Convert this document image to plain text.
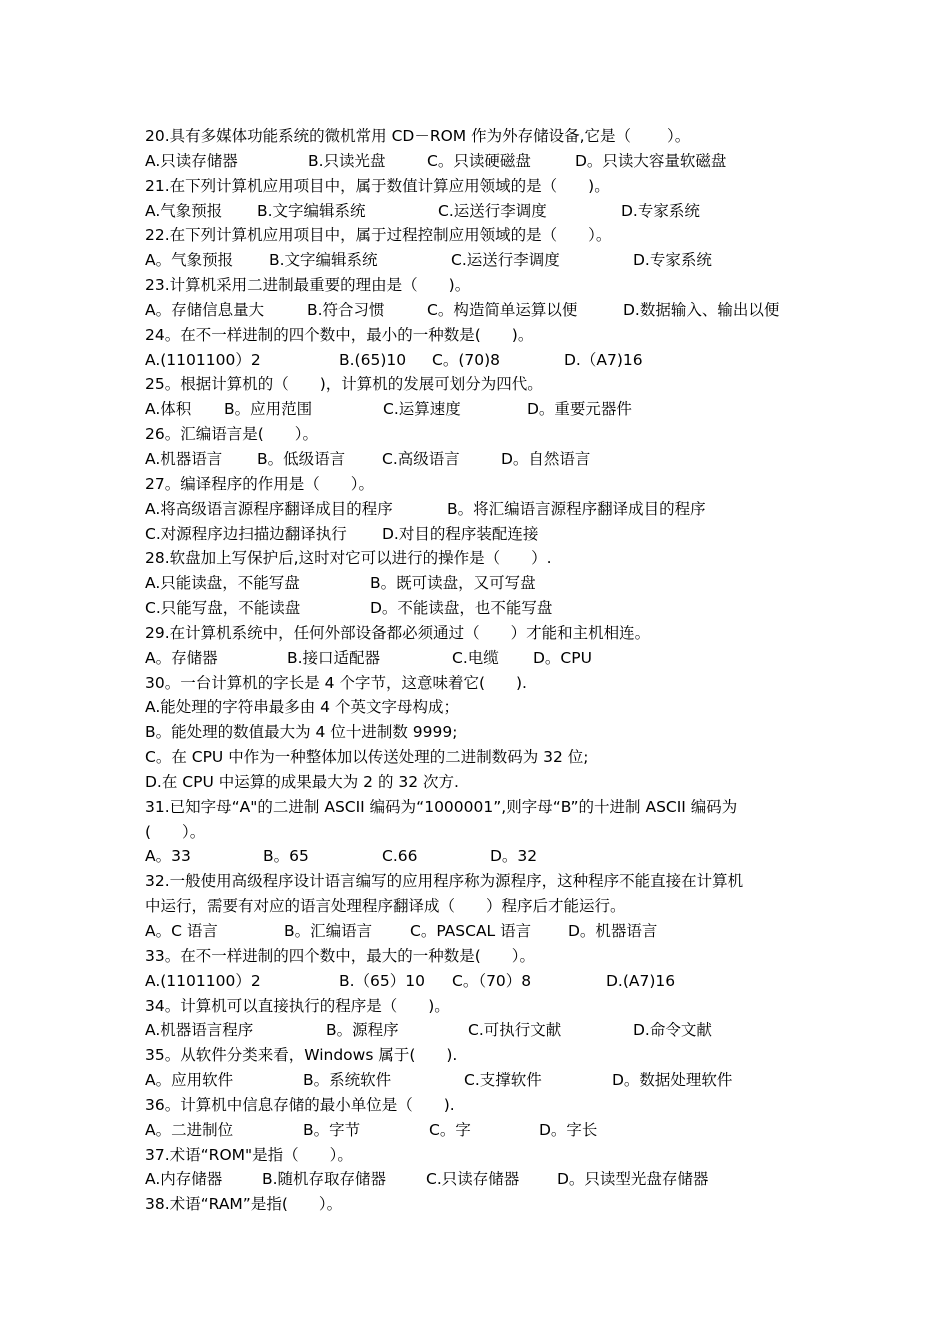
20.具有多媒体功能系统的微机常用 CD－ROM 作为外存储设备,它是（　　 ）。
A.只读存储器	B.只读光盘	C。只读硬磁盘	D。只读大容量软磁盘
21.在下列计算机应用项目中，属于数值计算应用领域的是（　　)。
A.气象预报 B.文字编辑系统	C.运送行李调度	D.专家系统
22.在下列计算机应用项目中，属于过程控制应用领域的是（　　）。
A。气象预报 B.文字编辑系统	C.运送行李调度	D.专家系统
23.计算机采用二进制最重要的理由是（　　)。
A。存储信息量大	B.符合习惯	C。构造简单运算以便	D.数据输入、输出以便
24。在不一样进制的四个数中，最小的一种数是(　　)。
A.(1101100）2	B.(65)10 C。(70)8	D.（A7)16
25。根据计算机的（　　)，计算机的发展可划分为四代。
A.体积 B。应用范围	C.运算速度	D。重要元器件
26。汇编语言是(　　）。
A.机器语言 B。低级语言 C.高级语言	D。自然语言
27。编译程序的作用是（　　）。
A.将高级语言源程序翻译成目的程序	B。将汇编语言源程序翻译成目的程序
C.对源程序边扫描边翻译执行 D.对目的程序装配连接
28.软盘加上写保护后,这时对它可以进行的操作是（　　）.
A.只能读盘，不能写盘	B。既可读盘，又可写盘
C.只能写盘，不能读盘	D。不能读盘，也不能写盘
29.在计算机系统中，任何外部设备都必须通过（　　）才能和主机相连。
A。存储器	B.接口适配器	C.电缆 D。CPU
30。一台计算机的字长是 4 个字节，这意味着它(　　).
A.能处理的字符串最多由 4 个英文字母构成；
B。能处理的数值最大为 4 位十进制数 9999;
C。在 CPU 中作为一种整体加以传送处理的二进制数码为 32 位;
D.在 CPU 中运算的成果最大为 2 的 32 次方.
31.已知字母“A"的二进制 ASCII 编码为“1000001”,则字母“B”的十进制 ASCII 编码为
(　　）。
A。33	B。65	C.66	D。32
32.一般使用高级程序设计语言编写的应用程序称为源程序，这种程序不能直接在计算机
中运行，需要有对应的语言处理程序翻译成（　　）程序后才能运行。
A。C 语言	B。汇编语言 C。PASCAL 语言 D。机器语言
33。在不一样进制的四个数中，最大的一种数是(　　）。
A.(1101100）2	B.（65）10 C。（70）8	D.(A7)16
34。计算机可以直接执行的程序是（　　)。
A.机器语言程序	B。源程序	C.可执行文献	D.命令文献
35。从软件分类来看，Windows 属于(　　).
A。应用软件	B。系统软件	C.支撑软件	D。数据处理软件
36。计算机中信息存储的最小单位是（　　).
A。二进制位	B。字节	C。字	D。字长
37.术语“ROM"是指（　　）。
A.内存储器	B.随机存取存储器	C.只读存储器 D。只读型光盘存储器
38.术语“RAM”是指(　　）。
